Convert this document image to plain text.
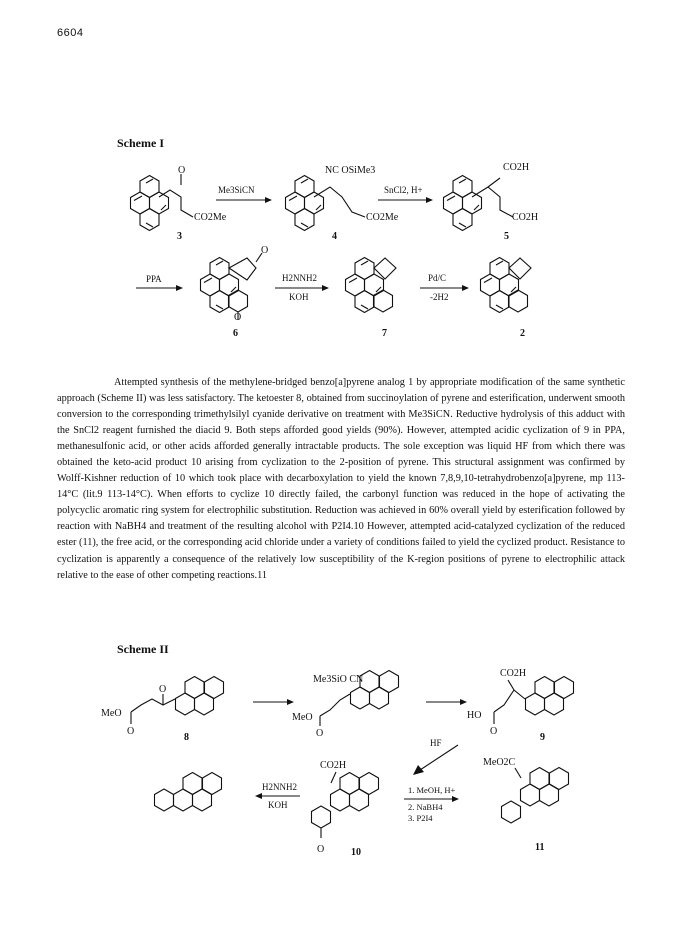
6604
Scheme I
O
CO2Me
3
Me3SiCN
NC OSiMe3
CO2Me
4
SnCl2, H+
CO2H
CO2H
5
PPA
O
O
6
H2NNH2
KOH
7
Pd/C
-2H2
2

Attempted synthesis of the methylene-bridged benzo[a]pyrene analog 1 by appropriate modification of the same synthetic approach (Scheme II) was less satisfactory. The ketoester 8, obtained from succinoylation of pyrene and esterification, underwent smooth conversion to the corresponding trimethylsilyl cyanide derivative on treatment with Me3SiCN. Reductive hydrolysis of this adduct with the SnCl2 reagent furnished the diacid 9. Both steps afforded good yields (90%). However, attempted acidic cyclization of 9 in PPA, methanesulfonic acid, or other acids afforded generally intractable products. The sole exception was liquid HF from which there was obtained the keto-acid product 10 arising from cyclization to the 2-position of pyrene. This structural assignment was confirmed by Wolff-Kishner reduction of 10 which took place with decarboxylation to yield the known 7,8,9,10-tetrahydrobenzo[a]pyrene, mp 113-14°C (lit.9 113-14°C). When efforts to cyclize 10 directly failed, the carbonyl function was reduced in the hope of activating the polycyclic aromatic ring system for electrophilic substitution. Reduction was achieved in 60% overall yield by esterification followed by reaction with NaBH4 and treatment of the resulting alcohol with P2I4.10 However, attempted acid-catalyzed cyclization of the reduced ester (11), the free acid, or the corresponding acid chloride under a variety of conditions failed to yield the cyclized product. Resistance to cyclization is apparently a consequence of the relatively low susceptibility of the K-region positions of pyrene to electrophilic attack relative to the ease of other competing reactions.11

Scheme II
O
MeO
O
8
Me3SiO CN
MeO
O
CO2H
HO
O
9
HF
CO2H
O	10
H2NNH2
KOH
1. MeOH, H+
2. NaBH4
3. P2I4
MeO2C
11
